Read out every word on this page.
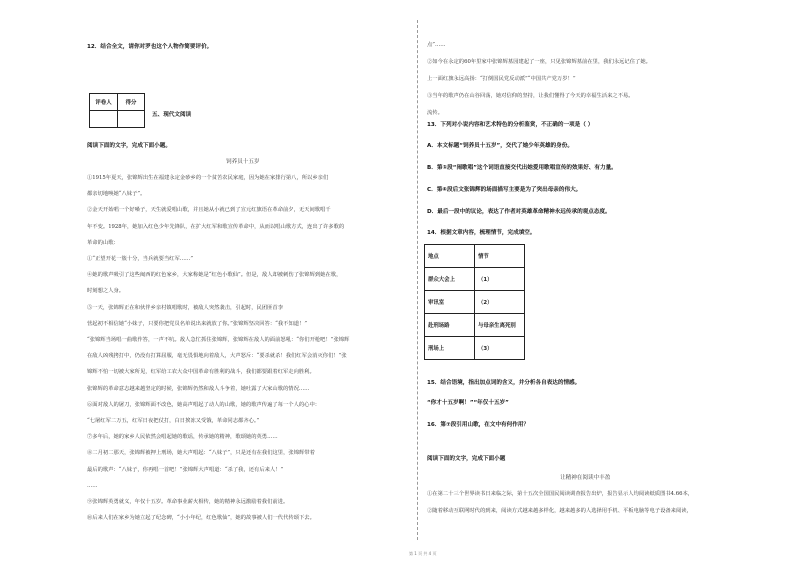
12．结合全文，请你对罗也这个人物作简要评价。
评卷人	得分

五、现代文阅读
阅读下面的文字，完成下面小题。
饲养员十五岁
①1915年夏天，张锦辉出生在福建永定金砂乡的一个贫苦农民家庭，因为她在家排行第八，所以乡亲们
都亲切地唤她“八妹子”。
②金天开始唱一个好嗓子，天生就爱唱山歌，并且她从小就已到了宣元红旗语在革命前夕，无天间歌唱千
年不变。1928年，她加入红色少年先锋队，在扩大红军和歌宣传革命中，从而以唱山歌方式，连出了许多歌的
革命的山歌：
①“正望开花一簇十分，当兵就要当红军……”
④她的歌声吸引了这些闽西的红色家乡，大家称她是“红色小歌仙”。但是，敌人却被刺伤了张锦辉到她在歌，
时刻想之人身。
⑤一天，张锦辉正在和伙伴乡亲村镇唱歌时，被敌人突然袭击，引起时，民团匪首李
营起初不相信她“小妹子，只要你把党员名单说出来就放了你。”张锦辉坚决回答：“我不知道！”
“张锦辉当场唱一曲歌作答，一声不吭。敌人急忙抓住张锦辉，张锦辉在敌人的面前怒吼：“你们开枪吧！”张锦辉
在敌人凶残拷打中，仍没有打算屈服，毫无畏惧地向着敌人，大声怒斥：“要杀就杀！我们红军会消灭你们！”张
锦辉不怕一切被大家所见，红军给工农大众中国革命有胜利的战斗，我们都要跟着红军走向胜利。
张锦辉的革命意志越来越坚定的时候，张锦辉仍然和敌人斗争着，她吐露了大家山歌的情况……
⑥面对敌人的屠刀，张锦辉面不改色，她高声唱起了动人的山歌，她的歌声传遍了每一个人的心中：
“七屠红军二万五，红军日夜把仗打，白日挨冻又受饿，革命同志都齐心。”
⑦多年后，她的家乡人民依然会唱起她的歌谣，传承她的精神，歌颂她的英勇……
⑧二月初二那天，张锦辉被押上刑场，她大声唱起：“八妹子”，只是还有在我们这里，张锦辉带着
最后的歌声：“八妹子，你再唱一首吧！”张锦辉大声唱道：“杀了我，还有后来人！”
……
⑨张锦辉英勇就义，年仅十五岁。革命事业薪火相传，她的精神永远激励着我们前进。
⑩后来人们在家乡为她立起了纪念碑，“小小年纪，红色歌仙”，她的故事被人们一代代传颂下去。
点”……
②如今在永定的60年里家中张锦辉墓园建起了一座，只见张锦辉墓前在里，我们永远记住了她。
上一面红旗永远高扬：“打倒国民党反动派”“中国共产党万岁！”
③当年的歌声仍在山谷回荡，她对信仰的坚持，让我们懂得了今天的幸福生活来之不易。
流传。
13．下列对小说内容和艺术特色的分析鉴赏，不正确的一项是（ ）
A．本文标题“饲养员十五岁”，交代了她少年英雄的身份。
B．第①段“闹歌唱”这个词语直接交代出她爱用歌唱宣传的效果好、有力量。
C．第④段后文张锦辉的场面描写主要是为了突出母亲的伟大。
D．最后一段中的议论，表达了作者对英雄革命精神永远传承的观点态度。
14．根据文章内容，梳理情节，完成填空。
地点	情节
群众大会上	（1）
审讯室	（2）
赴刑场路	与母亲生离死别
刑场上	（3）
15．结合语境，指出加点词的含义，并分析各自表达的情感。
“你才十五岁啊！”“年仅十五岁”
16．第⑦段引用山歌，在文中有何作用？
阅读下面的文字，完成下面小题
让精神在阅读中丰盈
①在第二十三个世界读书日来临之际，第十五次全国国民阅读调查报告出炉，报告显示人均阅读纸质图书4.66本，
②随着移动互联网时代的到来，阅读方式越来越多样化，越来越多的人选择用手机、平板电脑等电子设备来阅读，
第 1 页 共 4 页
